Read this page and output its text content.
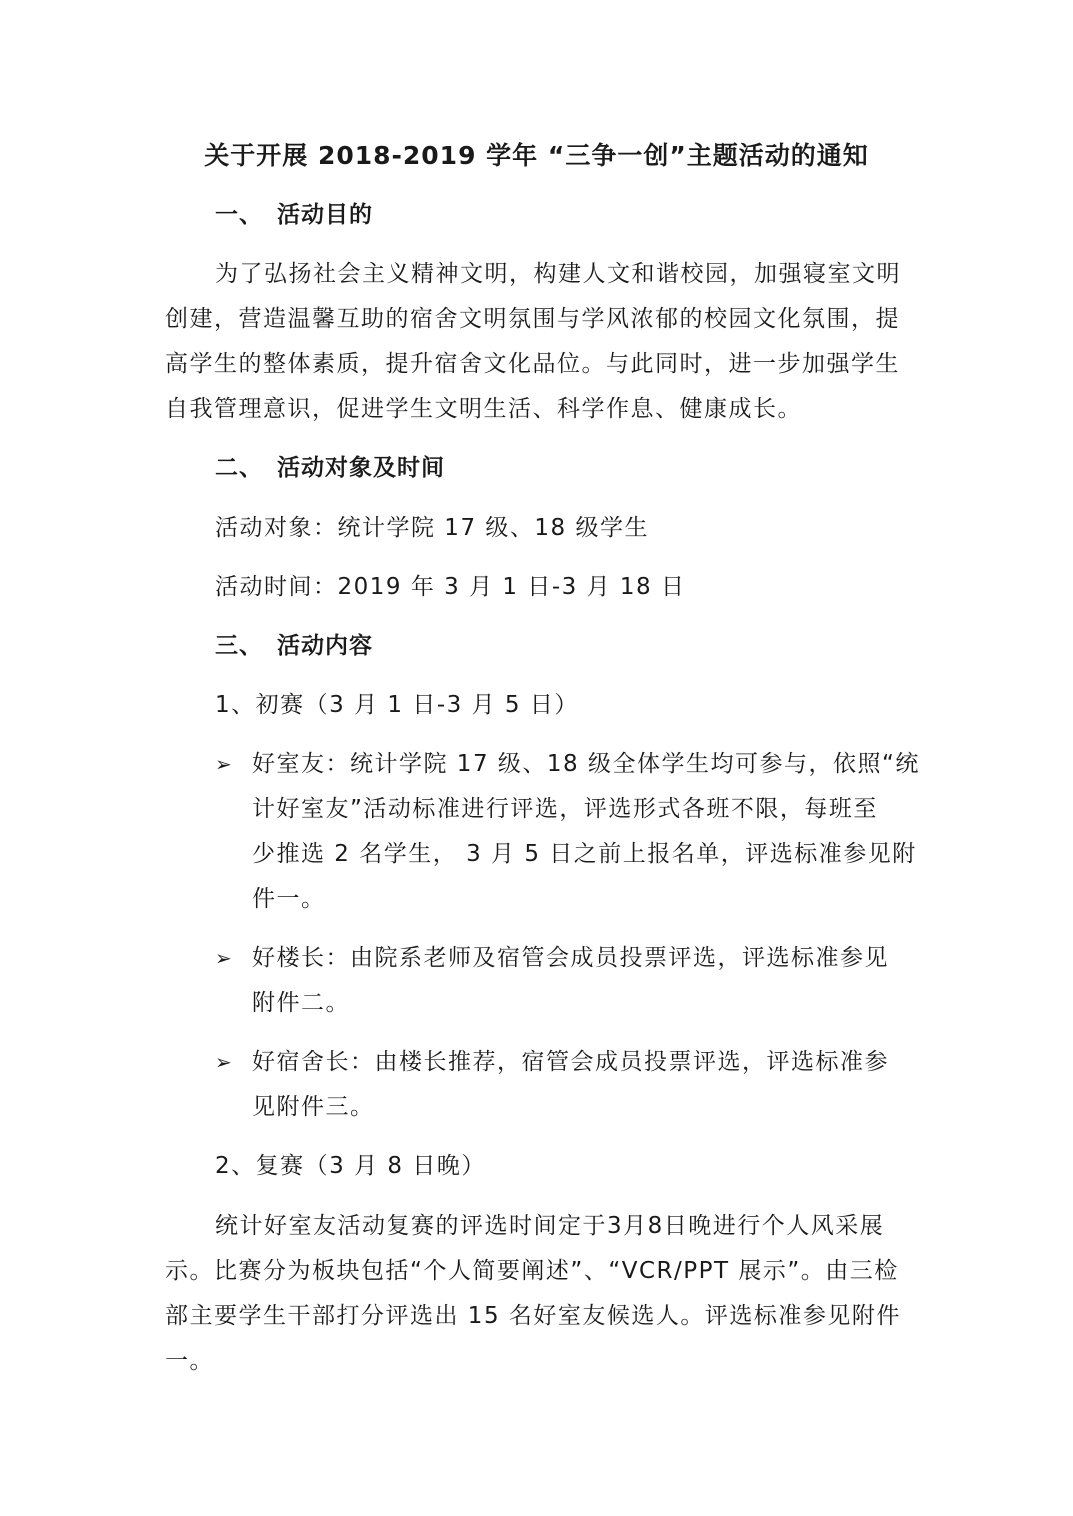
关于开展 2018-2019 学年 “三争一创”主题活动的通知
一、 活动目的
为了弘扬社会主义精神文明，构建人文和谐校园，加强寝室文明
创建，营造温馨互助的宿舍文明氛围与学风浓郁的校园文化氛围，提
高学生的整体素质，提升宿舍文化品位。与此同时，进一步加强学生
自我管理意识，促进学生文明生活、科学作息、健康成长。
二、 活动对象及时间
活动对象：统计学院 17 级、18 级学生
活动时间：2019 年 3 月 1 日-3 月 18 日
三、 活动内容
1、初赛（3 月 1 日-3 月 5 日）
➢ 好室友：统计学院 17 级、18 级全体学生均可参与，依照“统
计好室友”活动标准进行评选，评选形式各班不限，每班至
少推选 2 名学生， 3 月 5 日之前上报名单，评选标准参见附
件一。
➢ 好楼长：由院系老师及宿管会成员投票评选，评选标准参见
附件二。
➢ 好宿舍长：由楼长推荐，宿管会成员投票评选，评选标准参
见附件三。
2、复赛（3 月 8 日晚）
统计好室友活动复赛的评选时间定于3月8日晚进行个人风采展
示。比赛分为板块包括“个人简要阐述”、“VCR/PPT 展示”。由三检
部主要学生干部打分评选出 15 名好室友候选人。评选标准参见附件
一。
